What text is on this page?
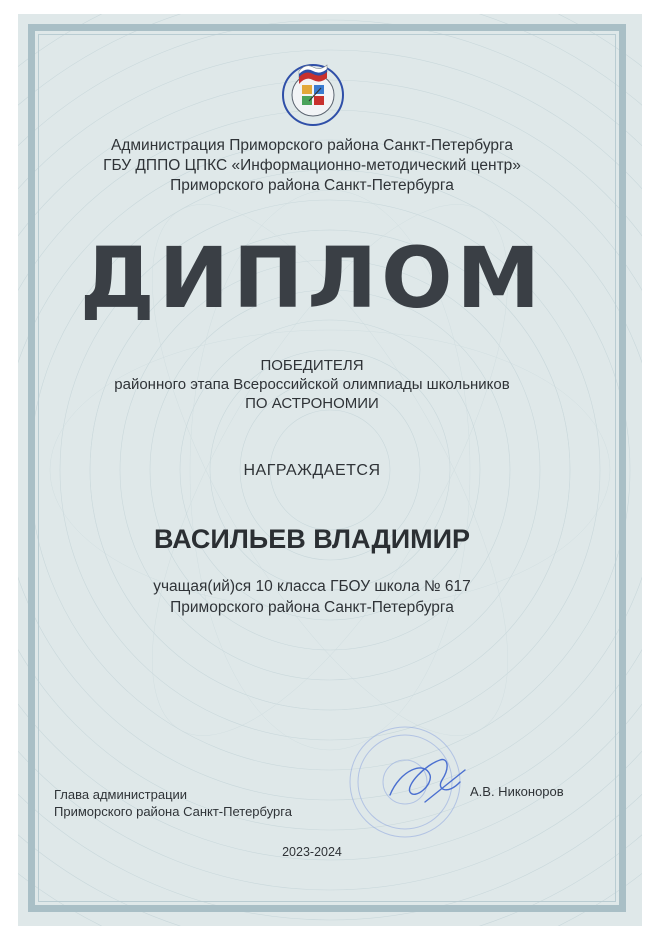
Администрация Приморского района Санкт-Петербурга
ГБУ ДППО ЦПКС «Информационно-методический центр»
Приморского района Санкт-Петербурга
ДИПЛОМ
ПОБЕДИТЕЛЯ
районного этапа Всероссийской олимпиады школьников
ПО АСТРОНОМИИ
НАГРАЖДАЕТСЯ
ВАСИЛЬЕВ ВЛАДИМИР
учащая(ий)ся 10 класса ГБОУ школа № 617
Приморского района Санкт-Петербурга
Глава администрации
Приморского района Санкт-Петербурга
А.В. Никоноров
2023-2024
